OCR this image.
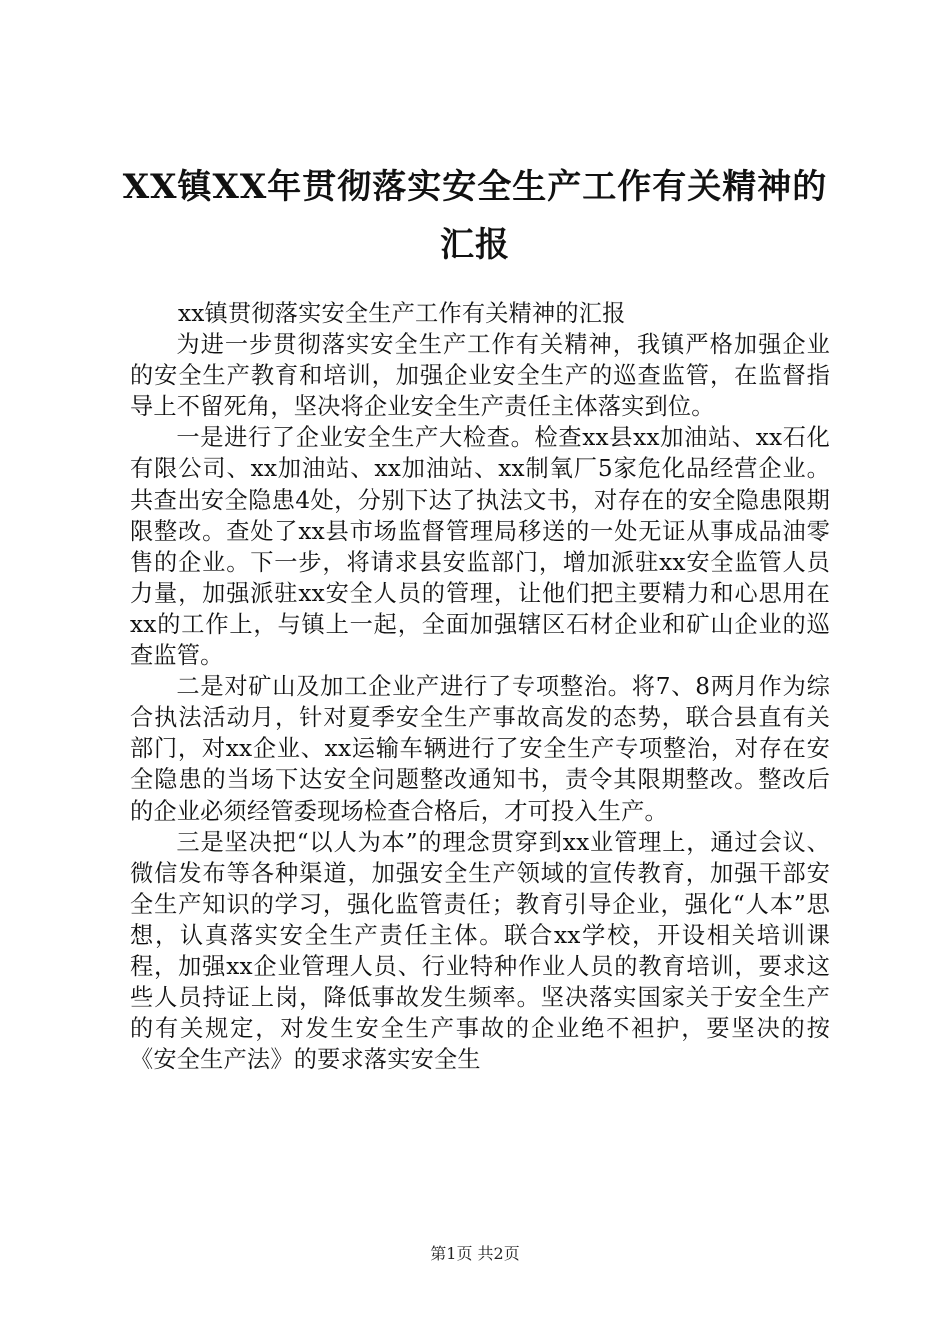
XX镇XX年贯彻落实安全生产工作有关精神的
汇报

xx镇贯彻落实安全生产工作有关精神的汇报

为进一步贯彻落实安全生产工作有关精神，我镇严格加强企业的安全生产教育和培训，加强企业安全生产的巡查监管，在监督指导上不留死角，坚决将企业安全生产责任主体落实到位。

一是进行了企业安全生产大检查。检查xx县xx加油站、xx石化有限公司、xx加油站、xx加油站、xx制氧厂5家危化品经营企业。共查出安全隐患4处，分别下达了执法文书，对存在的安全隐患限期限整改。查处了xx县市场监督管理局移送的一处无证从事成品油零售的企业。下一步，将请求县安监部门，增加派驻xx安全监管人员力量，加强派驻xx安全人员的管理，让他们把主要精力和心思用在xx的工作上，与镇上一起，全面加强辖区石材企业和矿山企业的巡查监管。

二是对矿山及加工企业产进行了专项整治。将7、8两月作为综合执法活动月，针对夏季安全生产事故高发的态势，联合县直有关部门，对xx企业、xx运输车辆进行了安全生产专项整治，对存在安全隐患的当场下达安全问题整改通知书，责令其限期整改。整改后的企业必须经管委现场检查合格后，才可投入生产。

三是坚决把“以人为本”的理念贯穿到xx业管理上，通过会议、微信发布等各种渠道，加强安全生产领域的宣传教育，加强干部安全生产知识的学习，强化监管责任；教育引导企业，强化“人本”思想，认真落实安全生产责任主体。联合xx学校，开设相关培训课程，加强xx企业管理人员、行业特种作业人员的教育培训，要求这些人员持证上岗，降低事故发生频率。坚决落实国家关于安全生产的有关规定，对发生安全生产事故的企业绝不袒护，要坚决的按《安全生产法》的要求落实安全生

第1页 共2页
